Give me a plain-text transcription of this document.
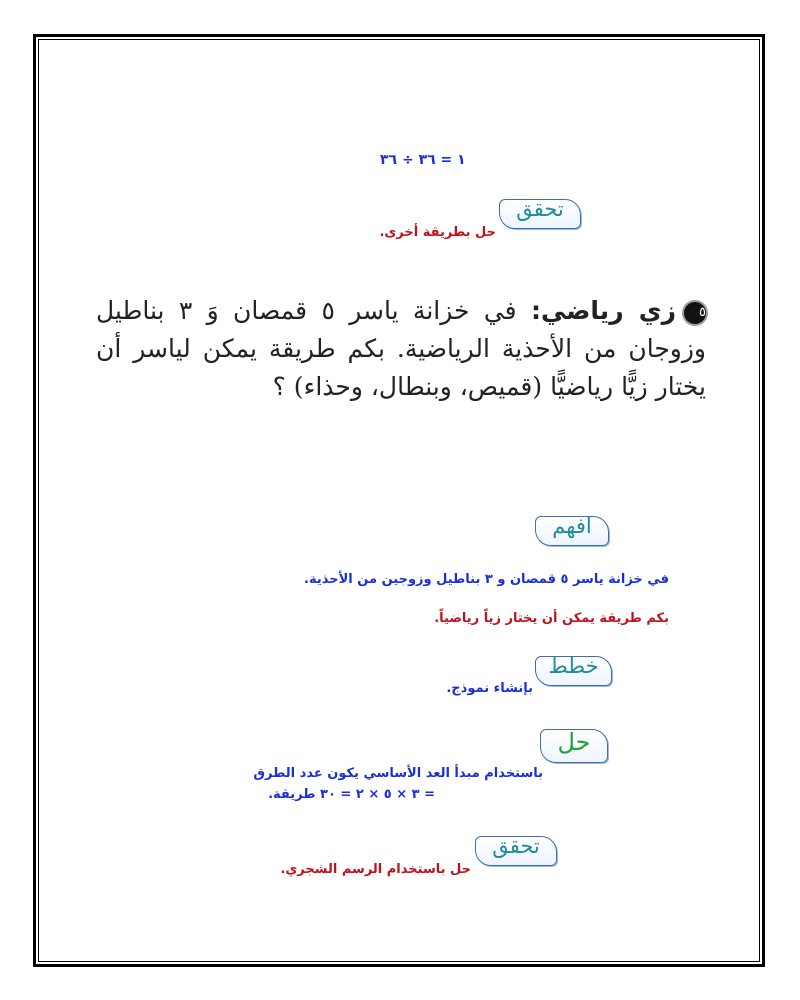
١ = ٣٦ ÷ ٣٦
تحقق
حل بطريقة أخرى.
٥زي رياضي: في خزانة ياسر ٥ قمصان وَ ٣ بناطيل وزوجان من الأحذية الرياضية. بكم طريقة يمكن لياسر أن يختار زيًّا رياضيًّا (قميص، وبنطال، وحذاء) ؟
افهم
في خزانة ياسر ٥ قمصان و ٣ بناطيل وزوجين من الأحذية.
بكم طريقة يمكن أن يختار زياً رياضياً.
خطط
بإنشاء نموذج.
حل
باستخدام مبدأ العد الأساسي يكون عدد الطرق
= ٣ × ٥ × ٢ = ٣٠ طريقة.
تحقق
حل باستخدام الرسم الشجري.
